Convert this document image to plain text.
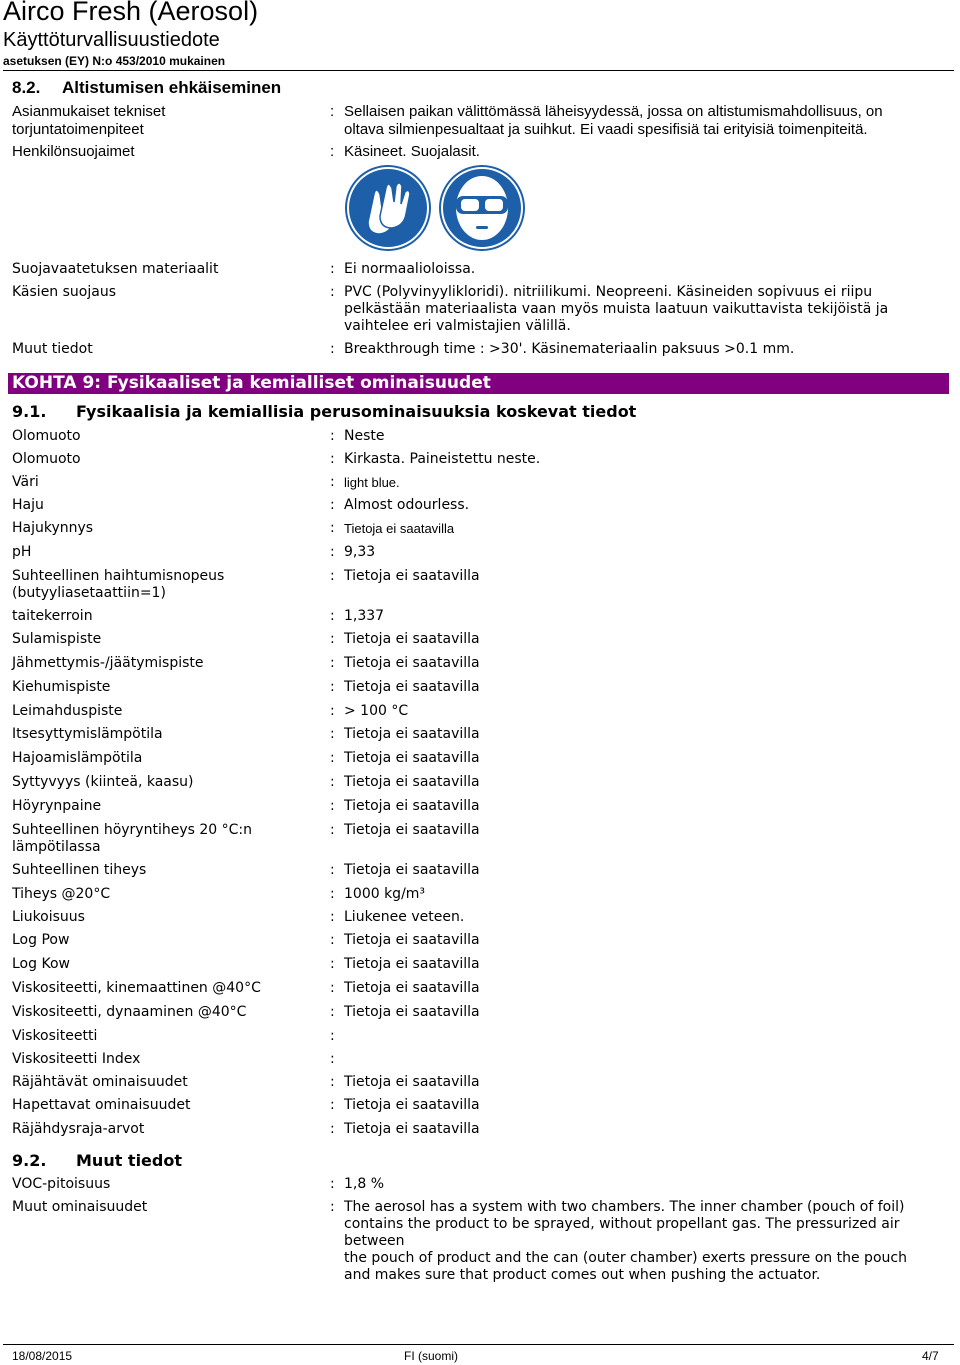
Airco Fresh (Aerosol)
Käyttöturvallisuustiedote
asetuksen (EY) N:o 453/2010 mukainen
8.2. Altistumisen ehkäiseminen
Asianmukaiset tekniset
torjuntatoimenpiteet
: Sellaisen paikan välittömässä läheisyydessä, jossa on altistumismahdollisuus, on
oltava silmienpesualtaat ja suihkut. Ei vaadi spesifisiä tai erityisiä toimenpiteitä.
Henkilönsuojaimet	: Käsineet. Suojalasit.
Suojavaatetuksen materiaalit	: Ei normaalioloissa.
Käsien suojaus	: PVC (Polyvinyylikloridi). nitriilikumi. Neopreeni. Käsineiden sopivuus ei riipu
pelkästään materiaalista vaan myös muista laatuun vaikuttavista tekijöistä ja
vaihtelee eri valmistajien välillä.
Muut tiedot	: Breakthrough time : >30'. Käsinemateriaalin paksuus >0.1 mm.
KOHTA 9: Fysikaaliset ja kemialliset ominaisuudet
9.1. Fysikaalisia ja kemiallisia perusominaisuuksia koskevat tiedot
Olomuoto	: Neste
Olomuoto	: Kirkasta. Paineistettu neste.
Väri	: light blue.
Haju	: Almost odourless.
Hajukynnys	: Tietoja ei saatavilla
pH	: 9,33
Suhteellinen haihtumisnopeus
(butyyliasetaattiin=1)
: Tietoja ei saatavilla
taitekerroin	: 1,337
Sulamispiste	: Tietoja ei saatavilla
Jähmettymis-/jäätymispiste	: Tietoja ei saatavilla
Kiehumispiste	: Tietoja ei saatavilla
Leimahduspiste	: > 100 °C
Itsesyttymislämpötila	: Tietoja ei saatavilla
Hajoamislämpötila	: Tietoja ei saatavilla
Syttyvyys (kiinteä, kaasu)	: Tietoja ei saatavilla
Höyrynpaine	: Tietoja ei saatavilla
Suhteellinen höyryntiheys 20 °C:n
lämpötilassa
: Tietoja ei saatavilla
Suhteellinen tiheys	: Tietoja ei saatavilla
Tiheys @20°C	: 1000 kg/m³
Liukoisuus	: Liukenee veteen.
Log Pow	: Tietoja ei saatavilla
Log Kow	: Tietoja ei saatavilla
Viskositeetti, kinemaattinen @40°C	: Tietoja ei saatavilla
Viskositeetti, dynaaminen @40°C	: Tietoja ei saatavilla
Viskositeetti	:
Viskositeetti Index	:
Räjähtävät ominaisuudet	: Tietoja ei saatavilla
Hapettavat ominaisuudet	: Tietoja ei saatavilla
Räjähdysraja-arvot	: Tietoja ei saatavilla
9.2. Muut tiedot
VOC-pitoisuus	: 1,8 %
Muut ominaisuudet	: The aerosol has a system with two chambers. The inner chamber (pouch of foil)
contains the product to be sprayed, without propellant gas. The pressurized air
between
the pouch of product and the can (outer chamber) exerts pressure on the pouch
and makes sure that product comes out when pushing the actuator.
18/08/2015	FI (suomi)	4/7
